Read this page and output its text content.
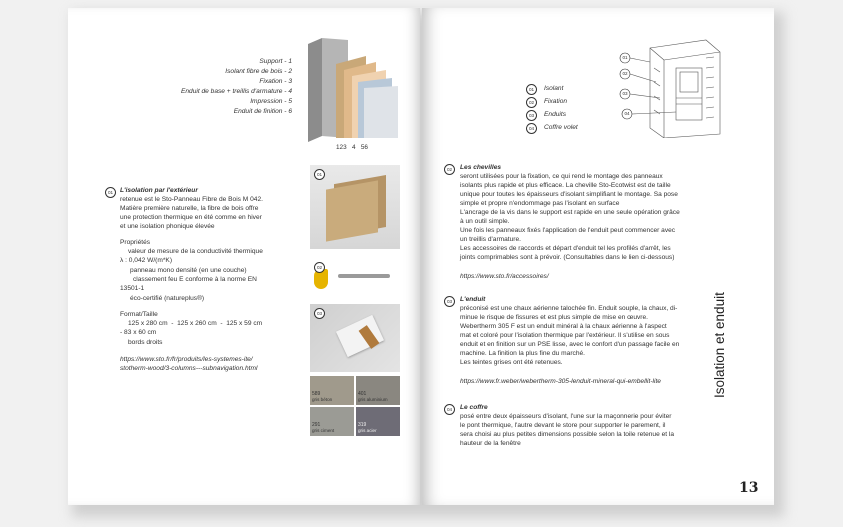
Support - 1
Isolant fibre de bois - 2
Fixation - 3
Enduit de base + treillis d'armature - 4
Impression - 5
Enduit de finition - 6
123   4   56
01	L'isolation par l'extérieur
retenue est le Sto-Panneau Fibre de Bois M 042.
Matière première naturelle, la fibre de bois offre
une protection thermique en été comme en hiver
et une isolation phonique élevée
Propriétés
valeur de mesure de la conductivité thermique
λ : 0,042 W/(m*K)
panneau mono densité (en une couche)
classement feu E conforme à la norme EN
13501-1
éco-certifié (natureplus®)
Format/Taille
125 x 280 cm  -  125 x 260 cm  -  125 x 59 cm
- 83 x 60 cm
bords droits
https://www.sto.fr/fr/produits/les-systemes-ite/
stotherm-wood/3-columns---subnavigation.html
01
02
03
589
gris béton
401
gris aluminium
291
gris ciment
319
gris acier
01	Isolant
02	Fixation
03	Enduits
04	Coffre volet
01
02
03
04
02	Les chevilles
seront utilisées pour la fixation, ce qui rend le montage des panneaux
isolants plus rapide et plus efficace. La cheville Sto-Ecotwist est de taille
unique pour toutes les épaisseurs d'isolant simplifiant le montage. Sa pose
simple et propre n'endommage pas l'isolant en surface
L'ancrage de la vis dans le support est rapide en une seule opération grâce
à un outil simple.
Une fois les panneaux fixés l'application de l'enduit peut commencer avec
un treillis d'armature.
Les accessoires de raccords et départ d'enduit tel les profilés d'arrêt, les
joints comprimables sont à prévoir. (Consultables dans le lien ci-dessous)
https://www.sto.fr/accessoires/
03	L'enduit
préconisé est une chaux aérienne talochée fin. Enduit souple, la chaux, di-
minue le risque de fissures et est plus simple de mise en œuvre.
Webertherm 305 F est un enduit minéral à la chaux aérienne à l'aspect
mat et coloré pour l'isolation thermique par l'extérieur. Il s'utilise en sous
enduit et en finition sur un PSE lisse, avec le confort d'un passage facile en
machine. La finition la plus fine du marché.
Les teintes grises ont été retenues.
https://www.fr.weber/webertherm-305-lenduit-mineral-qui-embellit-lite
04	Le coffre
posé entre deux épaisseurs d'isolant, l'une sur la maçonnerie pour éviter
le pont thermique, l'autre devant le store pour supporter le parement, il
sera choisi au plus petites dimensions possible selon la toile retenue et la
hauteur de la fenêtre
Isolation et enduit
13
